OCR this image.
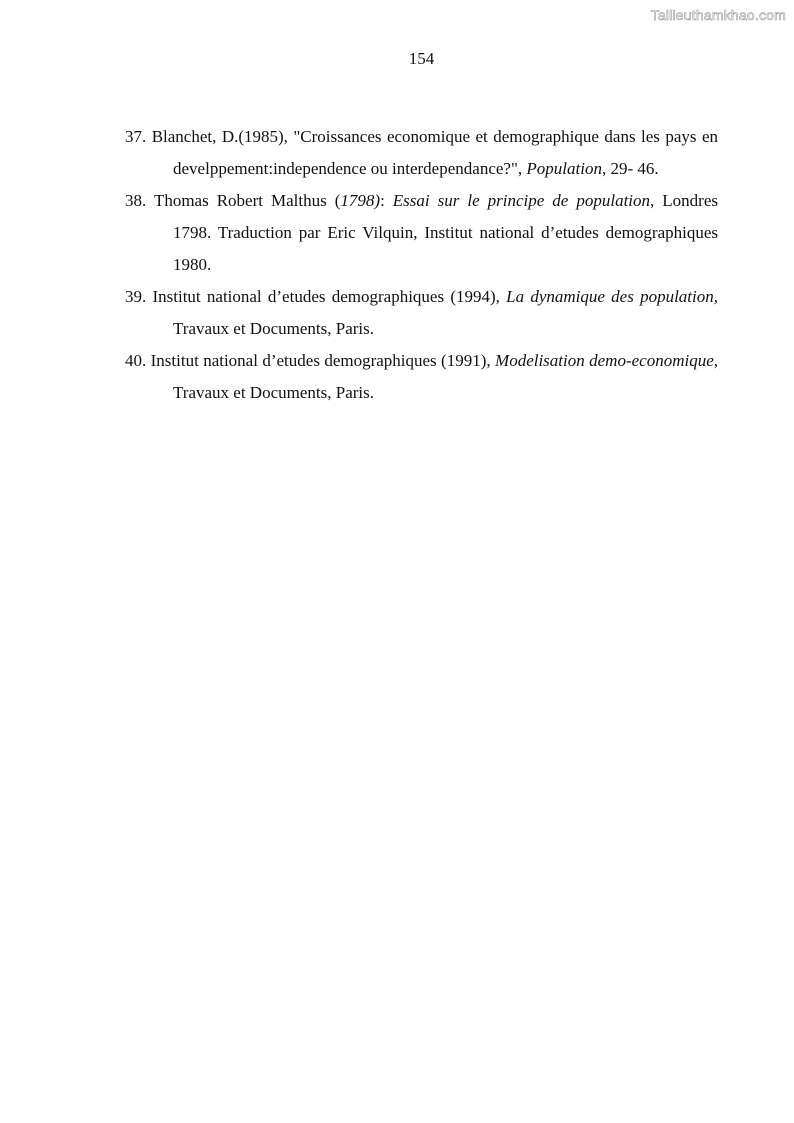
Tailieuthamkhao.com
154
37. Blanchet, D.(1985), "Croissances economique et demographique dans les pays en develppement:independence ou interdependance?", Population, 29- 46.
38. Thomas Robert Malthus (1798): Essai sur le principe de population, Londres 1798. Traduction par Eric Vilquin, Institut national d’etudes demographiques 1980.
39. Institut national d’etudes demographiques (1994), La dynamique des population, Travaux et Documents, Paris.
40. Institut national d’etudes demographiques (1991), Modelisation demo-economique, Travaux et Documents, Paris.
